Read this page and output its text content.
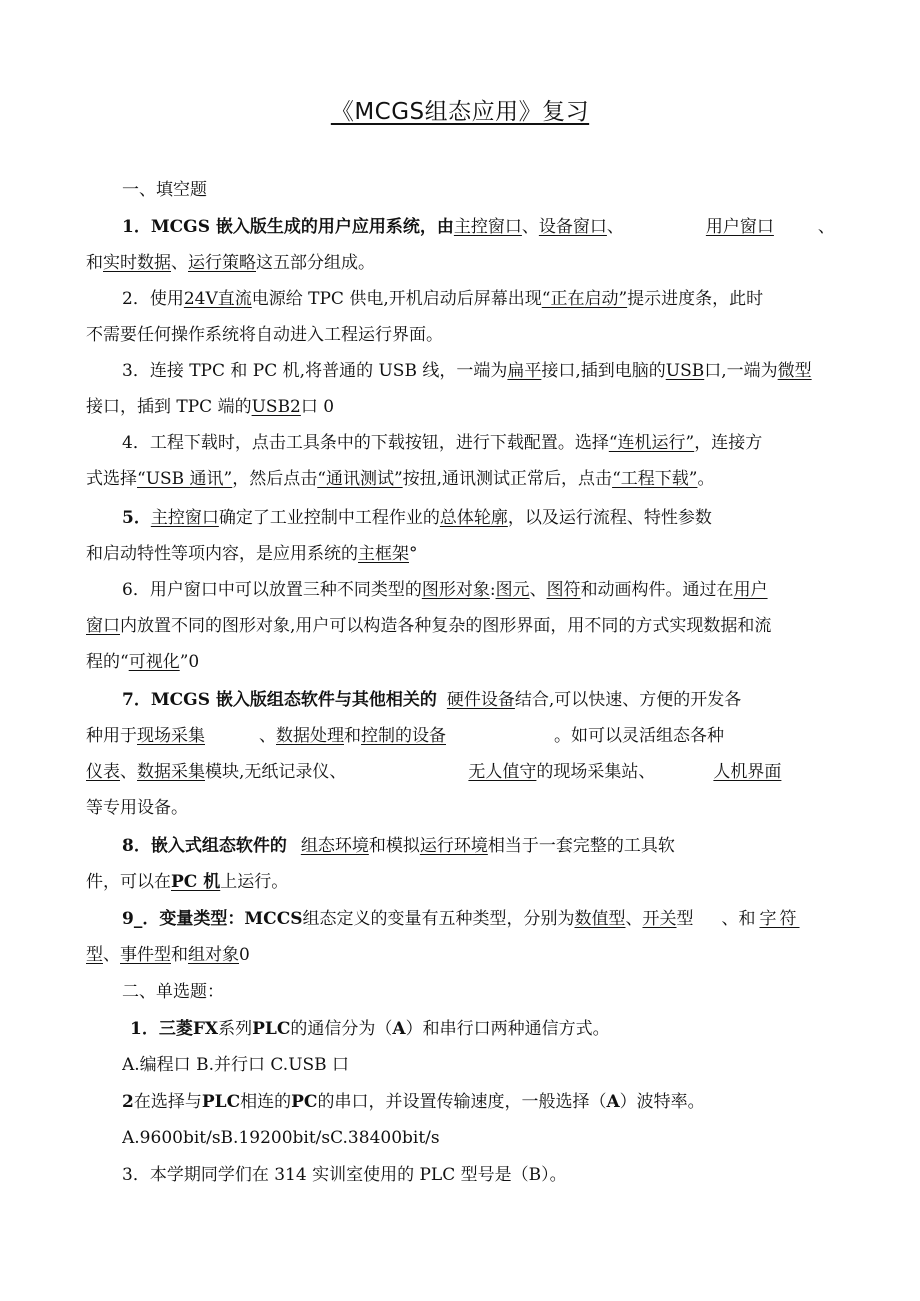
《MCGS组态应用》复习
一、填空题
1．MCGS 嵌入版生成的用户应用系统，由主控窗口、设备窗口、	用户窗口	、
和实时数据、运行策略这五部分组成。
2．使用24V直流电源给 TPC 供电,开机启动后屏幕出现“正在启动”提示进度条，此时
不需要任何操作系统将自动进入工程运行界面。
3．连接 TPC 和 PC 机,将普通的 USB 线，一端为扁平接口,插到电脑的USB口,一端为微型
接口，插到 TPC 端的USB2口 0
4．工程下载时，点击工具条中的下载按钮，进行下载配置。选择“连机运行”，连接方
式选择“USB 通讯”，然后点击“通讯测试”按扭,通讯测试正常后，点击“工程下载”。
5．主控窗口确定了工业控制中工程作业的总体轮廓，以及运行流程、特性参数
和启动特性等项内容，是应用系统的主框架°
6．用户窗口中可以放置三种不同类型的图形对象:图元、图符和动画构件。通过在用户
窗口内放置不同的图形对象,用户可以构造各种复杂的图形界面，用不同的方式实现数据和流
程的“可视化”0
7．MCGS 嵌入版组态软件与其他相关的 硬件设备结合,可以快速、方便的开发各
种用于现场采集	、数据处理和控制的设备	。如可以灵活组态各种
仪表、数据采集模块,无纸记录仪、	无人值守的现场采集站、	人机界面
等专用设备。
8．嵌入式组态软件的 组态环境和模拟运行环境相当于一套完整的工具软
件，可以在PC 机上运行。
9_．变量类型：MCCS组态定义的变量有五种类型，分别为数值型、开关型 、和 字符
型、事件型和组对象0
二、单选题：
1．三菱FX系列PLC的通信分为（A）和串行口两种通信方式。
A.编程口 B.并行口 C.USB 口
2在选择与PLC相连的PC的串口，并设置传输速度，一般选择（A）波特率。
A.9600bit/sB.19200bit/sC.38400bit/s
3．本学期同学们在 314 实训室使用的 PLC 型号是（B）。
